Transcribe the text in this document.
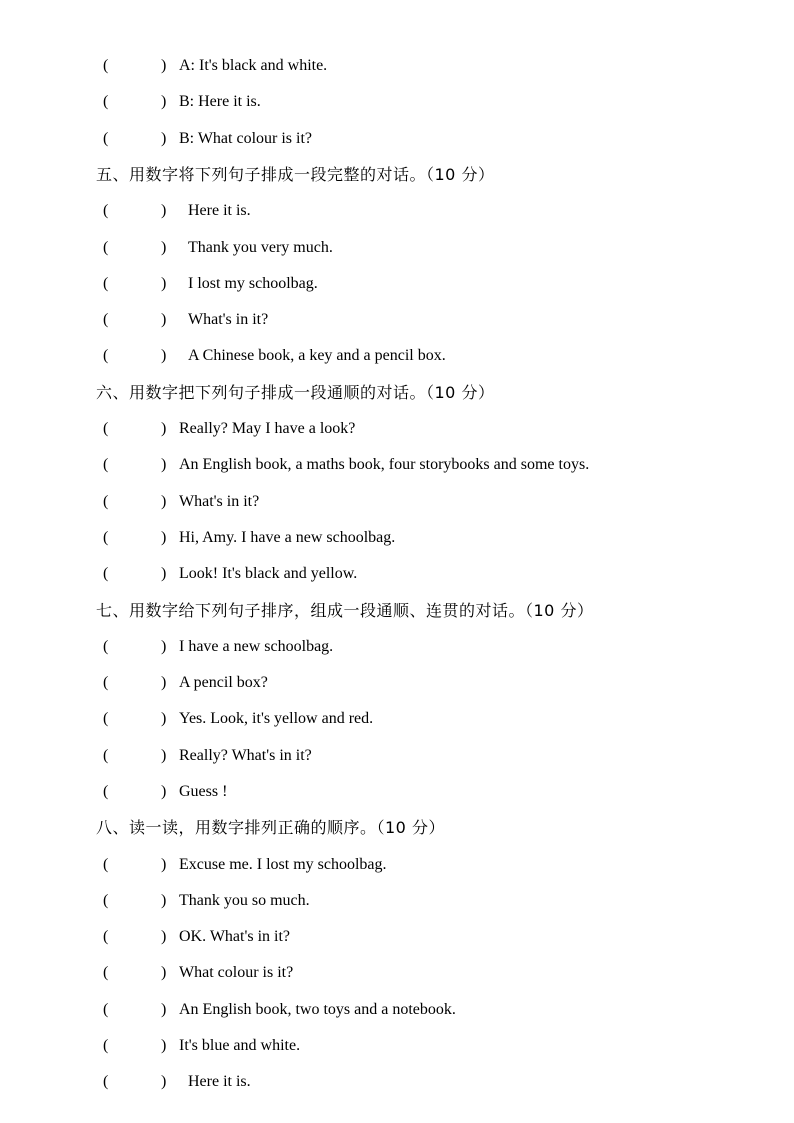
(	) A: It's black and white.
(	) B: Here it is.
(	) B: What colour is it?
五、用数字将下列句子排成一段完整的对话。（10 分）
(	) Here it is.
(	) Thank you very much.
(	) I lost my schoolbag.
(	) What's in it?
(	) A Chinese book, a key and a pencil box.
六、用数字把下列句子排成一段通顺的对话。（10 分）
(	) Really? May I have a look?
(	) An English book, a maths book, four storybooks and some toys.
(	) What's in it?
(	) Hi, Amy. I have a new schoolbag.
(	) Look! It's black and yellow.
七、用数字给下列句子排序，组成一段通顺、连贯的对话。（10 分）
(	) I have a new schoolbag.
(	) A pencil box?
(	) Yes. Look, it's yellow and red.
(	) Really? What's in it?
(	) Guess !
八、读一读，用数字排列正确的顺序。（10 分）
(	) Excuse me. I lost my schoolbag.
(	) Thank you so much.
(	) OK. What's in it?
(	) What colour is it?
(	) An English book, two toys and a notebook.
(	) It's blue and white.
(	) Here it is.
